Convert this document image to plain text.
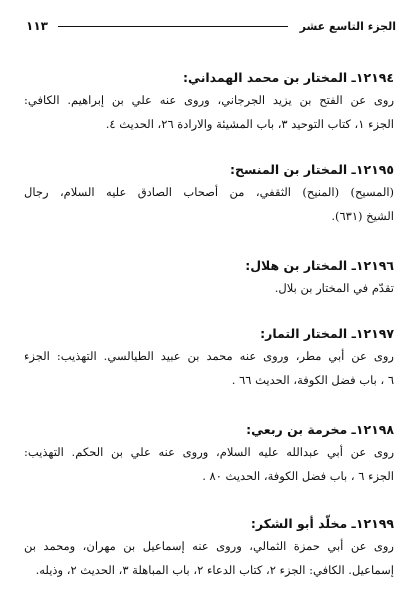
الجزء التاسع عشر
١١٣
١٢١٩٤ـ المختار بن محمد الهمداني:
روى عن الفتح بن يزيد الجرجاني، وروى عنه علي بن إبراهيم. الكافي:
الجزء ١، كتاب التوحيد ٣، باب المشيئة والارادة ٢٦، الحديث ٤.
١٢١٩٥ـ المختار بن المنسح:
(المسيح) (المنيح) الثقفي، من أصحاب الصادق عليه السلام، رجال
الشيخ (٦٣١).
١٢١٩٦ـ المختار بن هلال:
تقدّم في المختار بن بلال.
١٢١٩٧ـ المختار التمار:
روى عن أبي مطر، وروى عنه محمد بن عبيد الطيالسي. التهذيب: الجزء
٦ ، باب فضل الكوفة، الحديث ٦٦ .
١٢١٩٨ـ مخرمة بن ربعي:
روى عن أبي عبدالله عليه السلام، وروى عنه علي بن الحكم. التهذيب:
الجزء ٦ ، باب فضل الكوفة، الحديث ٨٠ .
١٢١٩٩ـ مخلّد أبو الشكر:
روى عن أبي حمزة الثمالي، وروى عنه إسماعيل بن مهران، ومحمد بن
إسماعيل. الكافي: الجزء ٢، كتاب الدعاء ٢، باب المباهلة ٣، الحديث ٢، وذيله.
